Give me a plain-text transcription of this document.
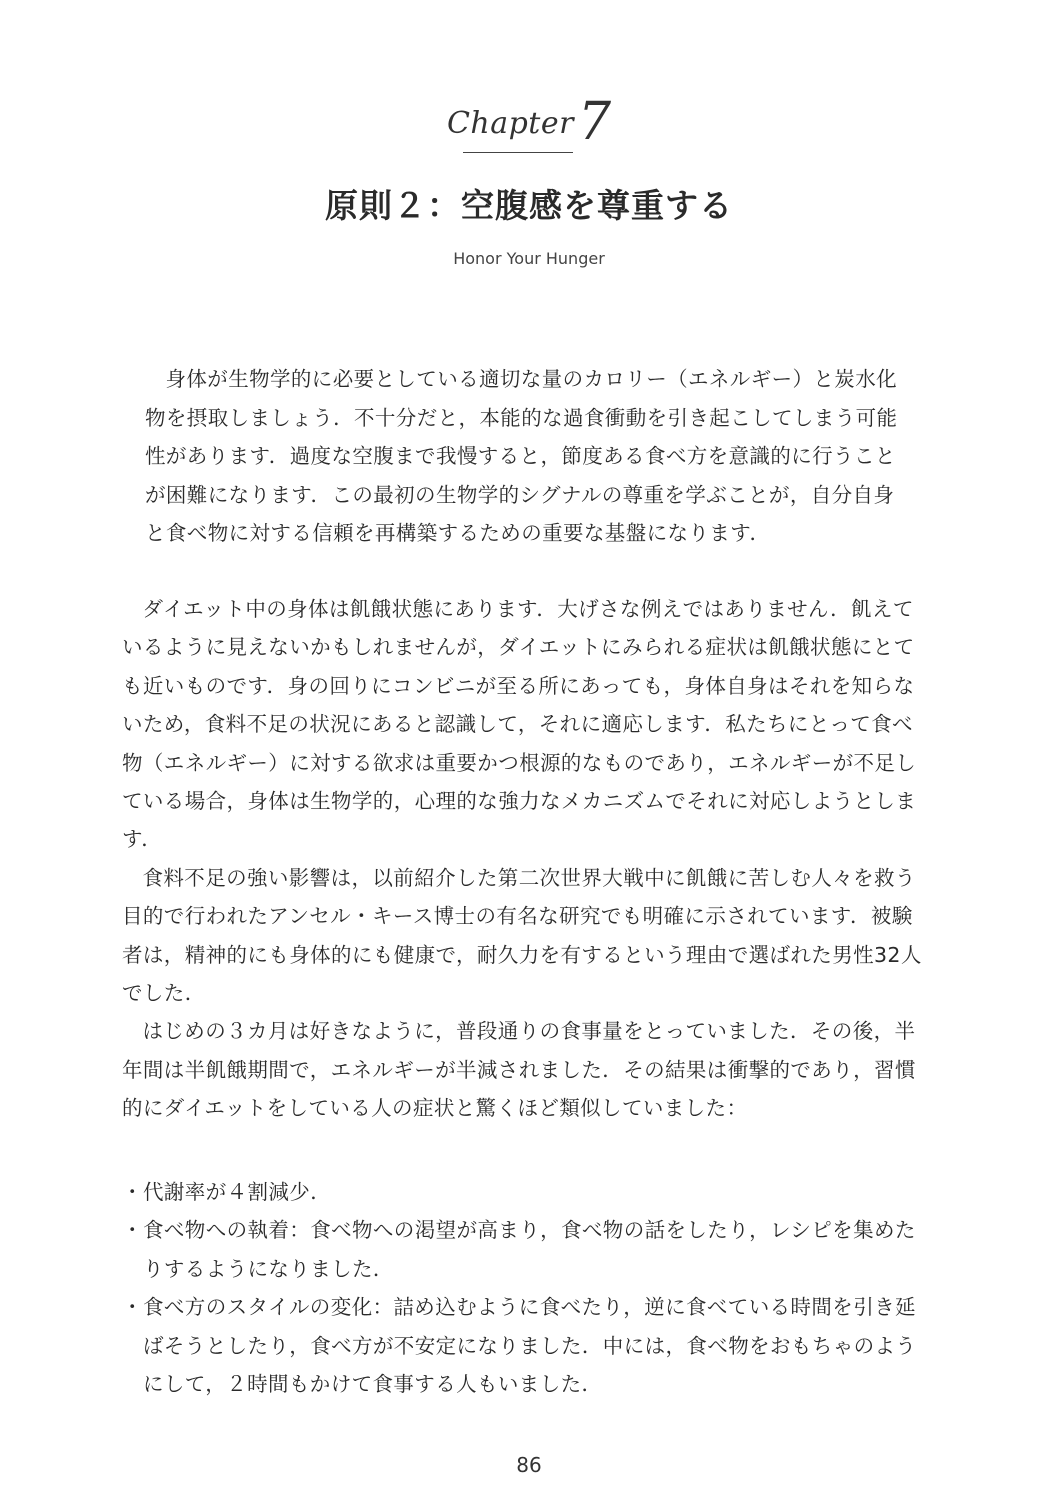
Chapter7
原則２：空腹感を尊重する
Honor Your Hunger

身体が生物学的に必要としている適切な量のカロリー（エネルギー）と炭水化物を摂取しましょう．不十分だと，本能的な過食衝動を引き起こしてしまう可能性があります．過度な空腹まで我慢すると，節度ある食べ方を意識的に行うことが困難になります．この最初の生物学的シグナルの尊重を学ぶことが，自分自身と食べ物に対する信頼を再構築するための重要な基盤になります．

ダイエット中の身体は飢餓状態にあります．大げさな例えではありません．飢えているように見えないかもしれませんが，ダイエットにみられる症状は飢餓状態にとても近いものです．身の回りにコンビニが至る所にあっても，身体自身はそれを知らないため，食料不足の状況にあると認識して，それに適応します．私たちにとって食べ物（エネルギー）に対する欲求は重要かつ根源的なものであり，エネルギーが不足している場合，身体は生物学的，心理的な強力なメカニズムでそれに対応しようとします．

食料不足の強い影響は，以前紹介した第二次世界大戦中に飢餓に苦しむ人々を救う目的で行われたアンセル・キース博士の有名な研究でも明確に示されています．被験者は，精神的にも身体的にも健康で，耐久力を有するという理由で選ばれた男性32人でした．

はじめの３カ月は好きなように，普段通りの食事量をとっていました．その後，半年間は半飢餓期間で，エネルギーが半減されました．その結果は衝撃的であり，習慣的にダイエットをしている人の症状と驚くほど類似していました：

・ 代謝率が４割減少．
・ 食べ物への執着：食べ物への渇望が高まり，食べ物の話をしたり，レシピを集めたりするようになりました．
・ 食べ方のスタイルの変化：詰め込むように食べたり，逆に食べている時間を引き延ばそうとしたり，食べ方が不安定になりました．中には，食べ物をおもちゃのようにして，２時間もかけて食事する人もいました．
86
